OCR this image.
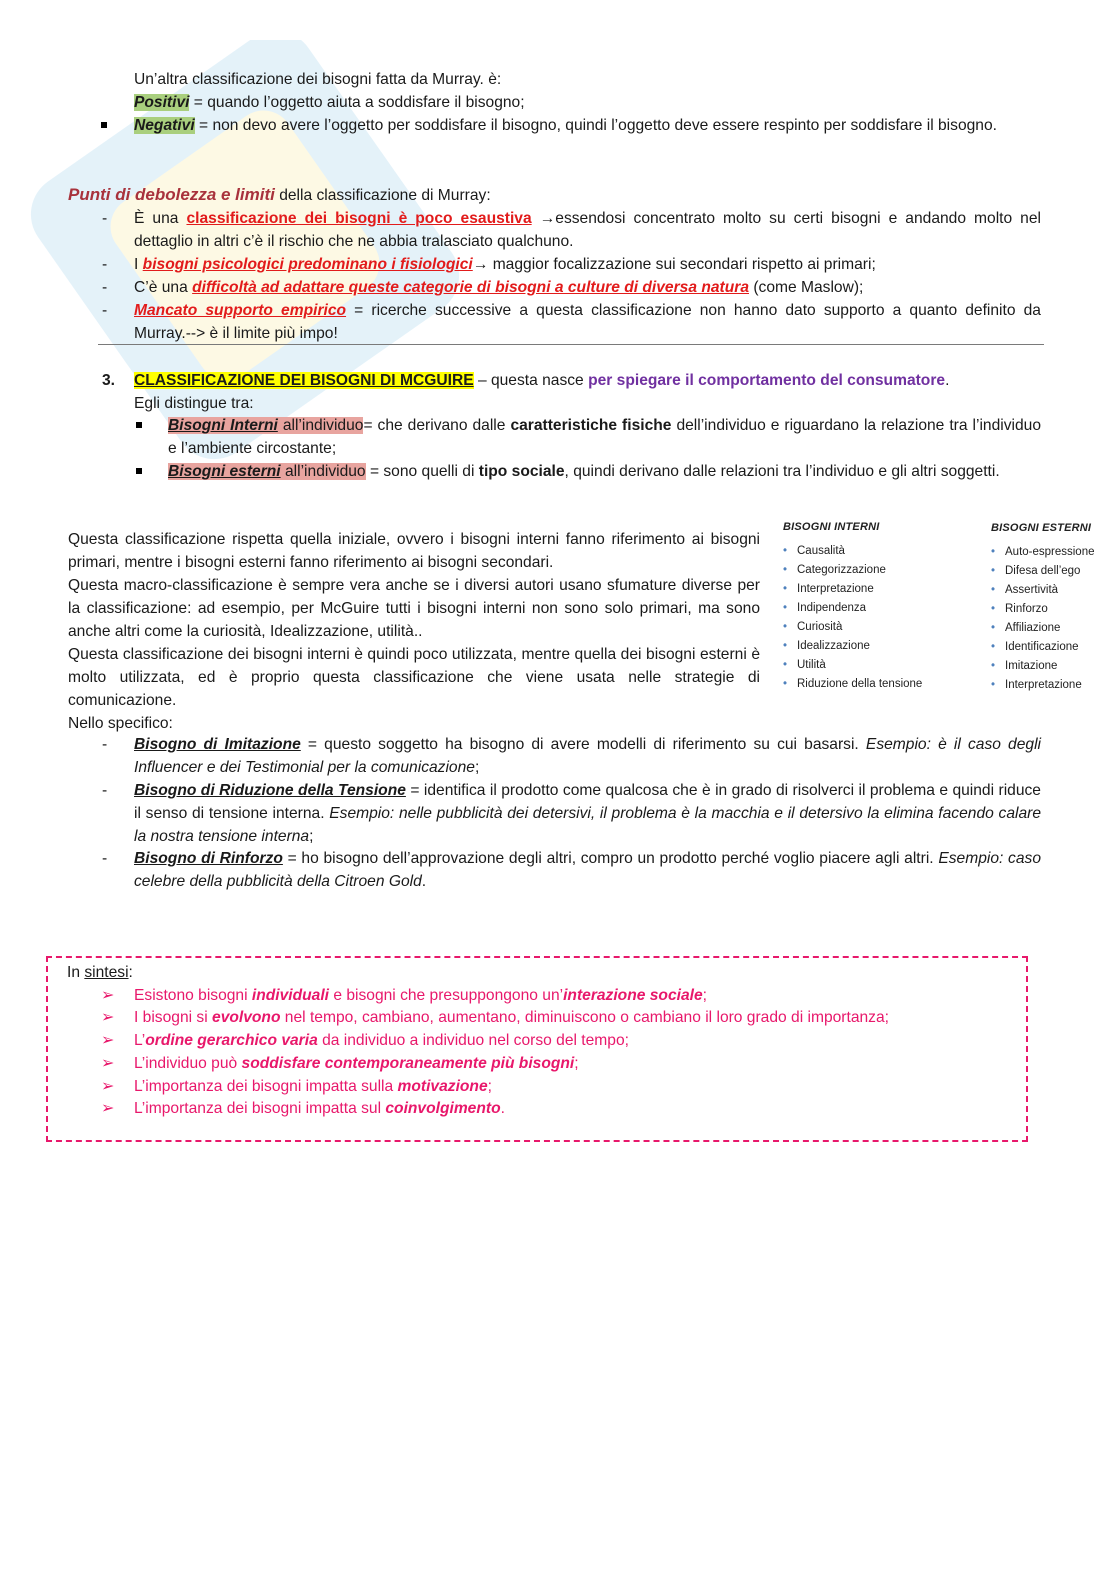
Un’altra classificazione dei bisogni fatta da Murray. è:
Positivi = quando l’oggetto aiuta a soddisfare il bisogno;
Negativi = non devo avere l’oggetto per soddisfare il bisogno, quindi l’oggetto deve essere respinto per soddisfare il bisogno.
Punti di debolezza e limiti della classificazione di Murray:
- È una classificazione dei bisogni è poco esaustiva →essendosi concentrato molto su certi bisogni e andando molto nel dettaglio in altri c’è il rischio che ne abbia tralasciato qualchuno.
- I bisogni psicologici predominano i fisiologici→ maggior focalizzazione sui secondari rispetto ai primari;
- C’è una difficoltà ad adattare queste categorie di bisogni a culture di diversa natura (come Maslow);
- Mancato supporto empirico = ricerche successive a questa classificazione non hanno dato supporto a quanto definito da Murray.--> è il limite più impo!
3. CLASSIFICAZIONE DEI BISOGNI DI MCGUIRE – questa nasce per spiegare il comportamento del consumatore.
Egli distingue tra:
Bisogni Interni all’individuo= che derivano dalle caratteristiche fisiche dell’individuo e riguardano la relazione tra l’individuo e l’ambiente circostante;
Bisogni esterni all’individuo = sono quelli di tipo sociale, quindi derivano dalle relazioni tra l’individuo e gli altri soggetti.
Questa classificazione rispetta quella iniziale, ovvero i bisogni interni fanno riferimento ai bisogni primari, mentre i bisogni esterni fanno riferimento ai bisogni secondari.
Questa macro-classificazione è sempre vera anche se i diversi autori usano sfumature diverse per la classificazione: ad esempio, per McGuire tutti i bisogni interni non sono solo primari, ma sono anche altri come la curiosità, Idealizzazione, utilità..
Questa classificazione dei bisogni interni è quindi poco utilizzata, mentre quella dei bisogni esterni è molto utilizzata, ed è proprio questa classificazione che viene usata nelle strategie di comunicazione.
Nello specifico:
BISOGNI INTERNI
• Causalità
• Categorizzazione
• Interpretazione
• Indipendenza
• Curiosità
• Idealizzazione
• Utilità
• Riduzione della tensione
BISOGNI ESTERNI
• Auto-espressione
• Difesa dell’ego
• Assertività
• Rinforzo
• Affiliazione
• Identificazione
• Imitazione
• Interpretazione
- Bisogno di Imitazione = questo soggetto ha bisogno di avere modelli di riferimento su cui basarsi. Esempio: è il caso degli Influencer e dei Testimonial per la comunicazione;
- Bisogno di Riduzione della Tensione = identifica il prodotto come qualcosa che è in grado di risolverci il problema e quindi riduce il senso di tensione interna. Esempio: nelle pubblicità dei detersivi, il problema è la macchia e il detersivo la elimina facendo calare la nostra tensione interna;
- Bisogno di Rinforzo = ho bisogno dell’approvazione degli altri, compro un prodotto perché voglio piacere agli altri. Esempio: caso celebre della pubblicità della Citroen Gold.
In sintesi:
➢ Esistono bisogni individuali e bisogni che presuppongono un’interazione sociale;
➢ I bisogni si evolvono nel tempo, cambiano, aumentano, diminuiscono o cambiano il loro grado di importanza;
➢ L’ordine gerarchico varia da individuo a individuo nel corso del tempo;
➢ L’individuo può soddisfare contemporaneamente più bisogni;
➢ L’importanza dei bisogni impatta sulla motivazione;
➢ L’importanza dei bisogni impatta sul coinvolgimento.
